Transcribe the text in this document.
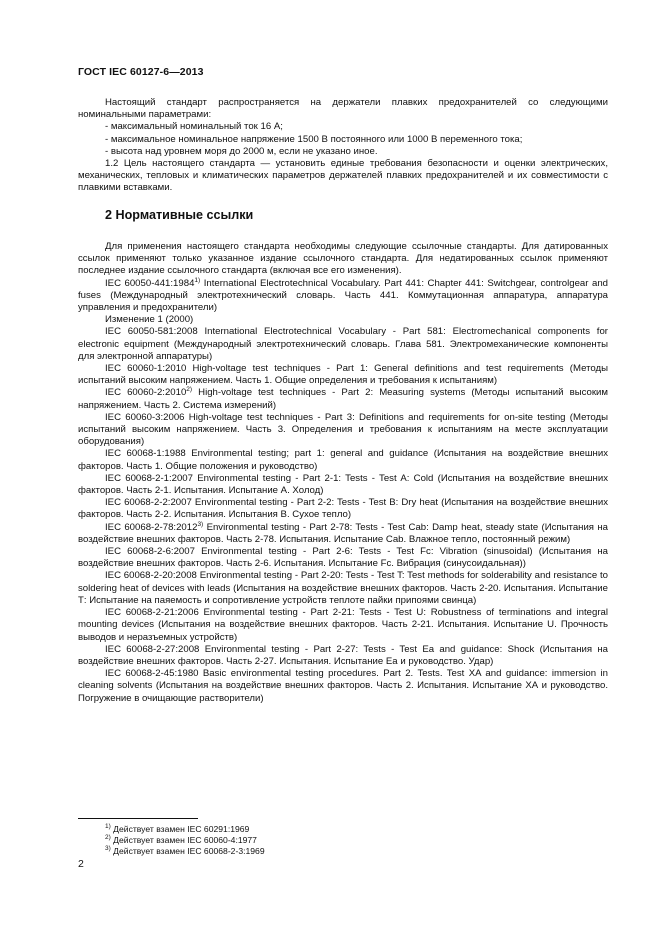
ГОСТ IEC 60127-6—2013

Настоящий стандарт распространяется на держатели плавких предохранителей со следующими номинальными параметрами:

- максимальный номинальный ток 16 А;

- максимальное номинальное напряжение 1500 В постоянного или 1000 В переменного тока;

- высота над уровнем моря до 2000 м, если не указано иное.

1.2 Цель настоящего стандарта — установить единые требования безопасности и оценки электрических, механических, тепловых и климатических параметров держателей плавких предохранителей и их совместимости с плавкими вставками.

2 Нормативные ссылки

Для применения настоящего стандарта необходимы следующие ссылочные стандарты. Для датированных ссылок применяют только указанное издание ссылочного стандарта. Для недатированных ссылок применяют последнее издание ссылочного стандарта (включая все его изменения).

IEC 60050-441:1984$^{1)}$ International Electrotechnical Vocabulary. Part 441: Chapter 441: Switchgear, controlgear and fuses (Международный электротехнический словарь. Часть 441. Коммутационная аппаратура, аппаратура управления и предохранители)

Изменение 1 (2000)

IEC 60050-581:2008 International Electrotechnical Vocabulary - Part 581: Electromechanical components for electronic equipment (Международный электротехнический словарь. Глава 581. Электромеханические компоненты для электронной аппаратуры)

IEC 60060-1:2010 High-voltage test techniques - Part 1: General definitions and test requirements (Методы испытаний высоким напряжением. Часть 1. Общие определения и требования к испытаниям)

IEC 60060-2:2010$^{2)}$ High-voltage test techniques - Part 2: Measuring systems (Методы испытаний высоким напряжением. Часть 2. Система измерений)

IEC 60060-3:2006 High-voltage test techniques - Part 3: Definitions and requirements for on-site testing (Методы испытаний высоким напряжением. Часть 3. Определения и требования к испытаниям на месте эксплуатации оборудования)

IEC 60068-1:1988 Environmental testing; part 1: general and guidance (Испытания на воздействие внешних факторов. Часть 1. Общие положения и руководство)

IEC 60068-2-1:2007 Environmental testing - Part 2-1: Tests - Test A: Cold (Испытания на воздействие внешних факторов. Часть 2-1. Испытания. Испытание А. Холод)

IEC 60068-2-2:2007 Environmental testing - Part 2-2: Tests - Test B: Dry heat (Испытания на воздействие внешних факторов. Часть 2-2. Испытания. Испытания В. Сухое тепло)

IEC 60068-2-78:2012$^{3)}$ Environmental testing - Part 2-78: Tests - Test Cab: Damp heat, steady state (Испытания на воздействие внешних факторов. Часть 2-78. Испытания. Испытание Cab. Влажное тепло, постоянный режим)

IEC 60068-2-6:2007 Environmental testing - Part 2-6: Tests - Test Fc: Vibration (sinusoidal) (Испытания на воздействие внешних факторов. Часть 2-6. Испытания. Испытание Fc. Вибрация (синусоидальная))

IEC 60068-2-20:2008 Environmental testing - Part 2-20: Tests - Test T: Test methods for solderability and resistance to soldering heat of devices with leads (Испытания на воздействие внешних факторов. Часть 2-20. Испытания. Испытание Т: Испытание на паяемость и сопротивление устройств теплоте пайки припоями свинца)

IEC 60068-2-21:2006 Environmental testing - Part 2-21: Tests - Test U: Robustness of terminations and integral mounting devices (Испытания на воздействие внешних факторов. Часть 2-21. Испытания. Испытание U. Прочность выводов и неразъемных устройств)

IEC 60068-2-27:2008 Environmental testing - Part 2-27: Tests - Test Ea and guidance: Shock (Испытания на воздействие внешних факторов. Часть 2-27. Испытания. Испытание Ea и руководство. Удар)

IEC 60068-2-45:1980 Basic environmental testing procedures. Part 2. Tests. Test XA and guidance: immersion in cleaning solvents (Испытания на воздействие внешних факторов. Часть 2. Испытания. Испытание ХА и руководство. Погружение в очищающие растворители)

$^{1)}$ Действует взамен IEC 60291:1969
$^{2)}$ Действует взамен IEC 60060-4:1977
$^{3)}$ Действует взамен IEC 60068-2-3:1969
2
